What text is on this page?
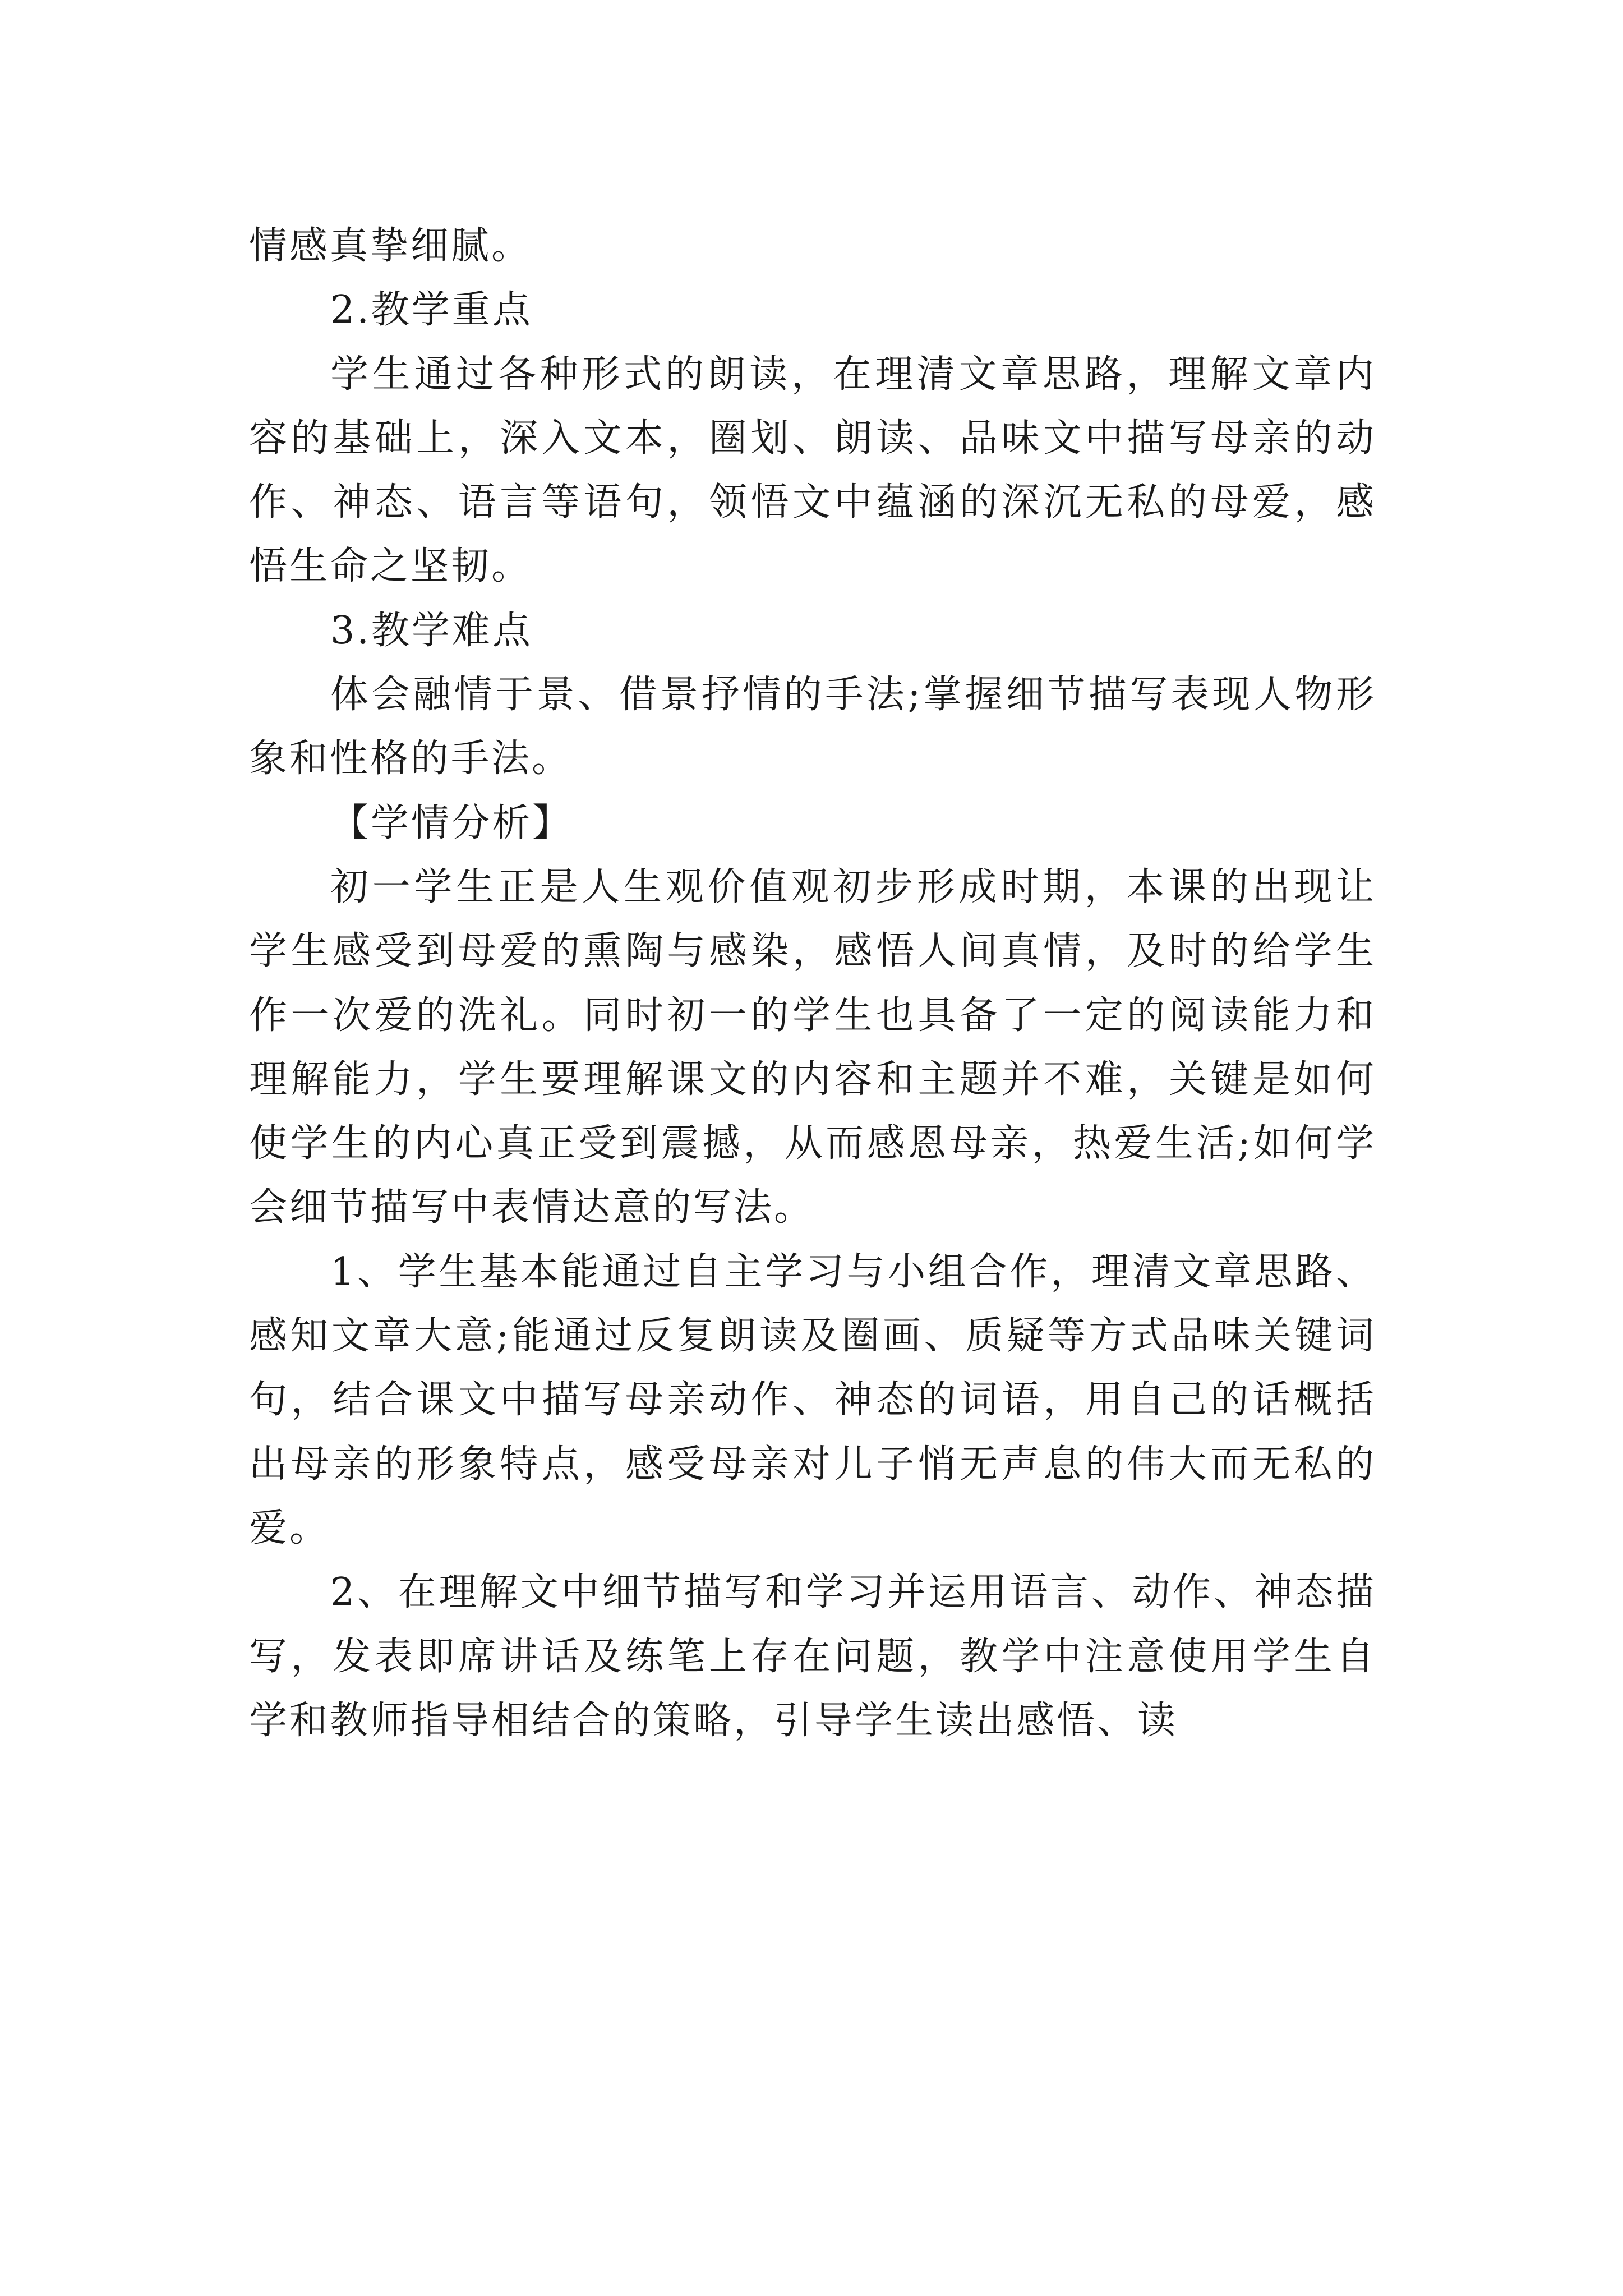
情感真挚细腻。

2.教学重点

学生通过各种形式的朗读，在理清文章思路，理解文章内容的基础上，深入文本，圈划、朗读、品味文中描写母亲的动作、神态、语言等语句，领悟文中蕴涵的深沉无私的母爱，感悟生命之坚韧。

3.教学难点

体会融情于景、借景抒情的手法;掌握细节描写表现人物形象和性格的手法。

【学情分析】

初一学生正是人生观价值观初步形成时期，本课的出现让学生感受到母爱的熏陶与感染，感悟人间真情，及时的给学生作一次爱的洗礼。同时初一的学生也具备了一定的阅读能力和理解能力，学生要理解课文的内容和主题并不难，关键是如何使学生的内心真正受到震撼，从而感恩母亲，热爱生活;如何学会细节描写中表情达意的写法。

1、学生基本能通过自主学习与小组合作，理清文章思路、感知文章大意;能通过反复朗读及圈画、质疑等方式品味关键词句，结合课文中描写母亲动作、神态的词语，用自己的话概括出母亲的形象特点，感受母亲对儿子悄无声息的伟大而无私的爱。

2、在理解文中细节描写和学习并运用语言、动作、神态描写，发表即席讲话及练笔上存在问题，教学中注意使用学生自学和教师指导相结合的策略，引导学生读出感悟、读
